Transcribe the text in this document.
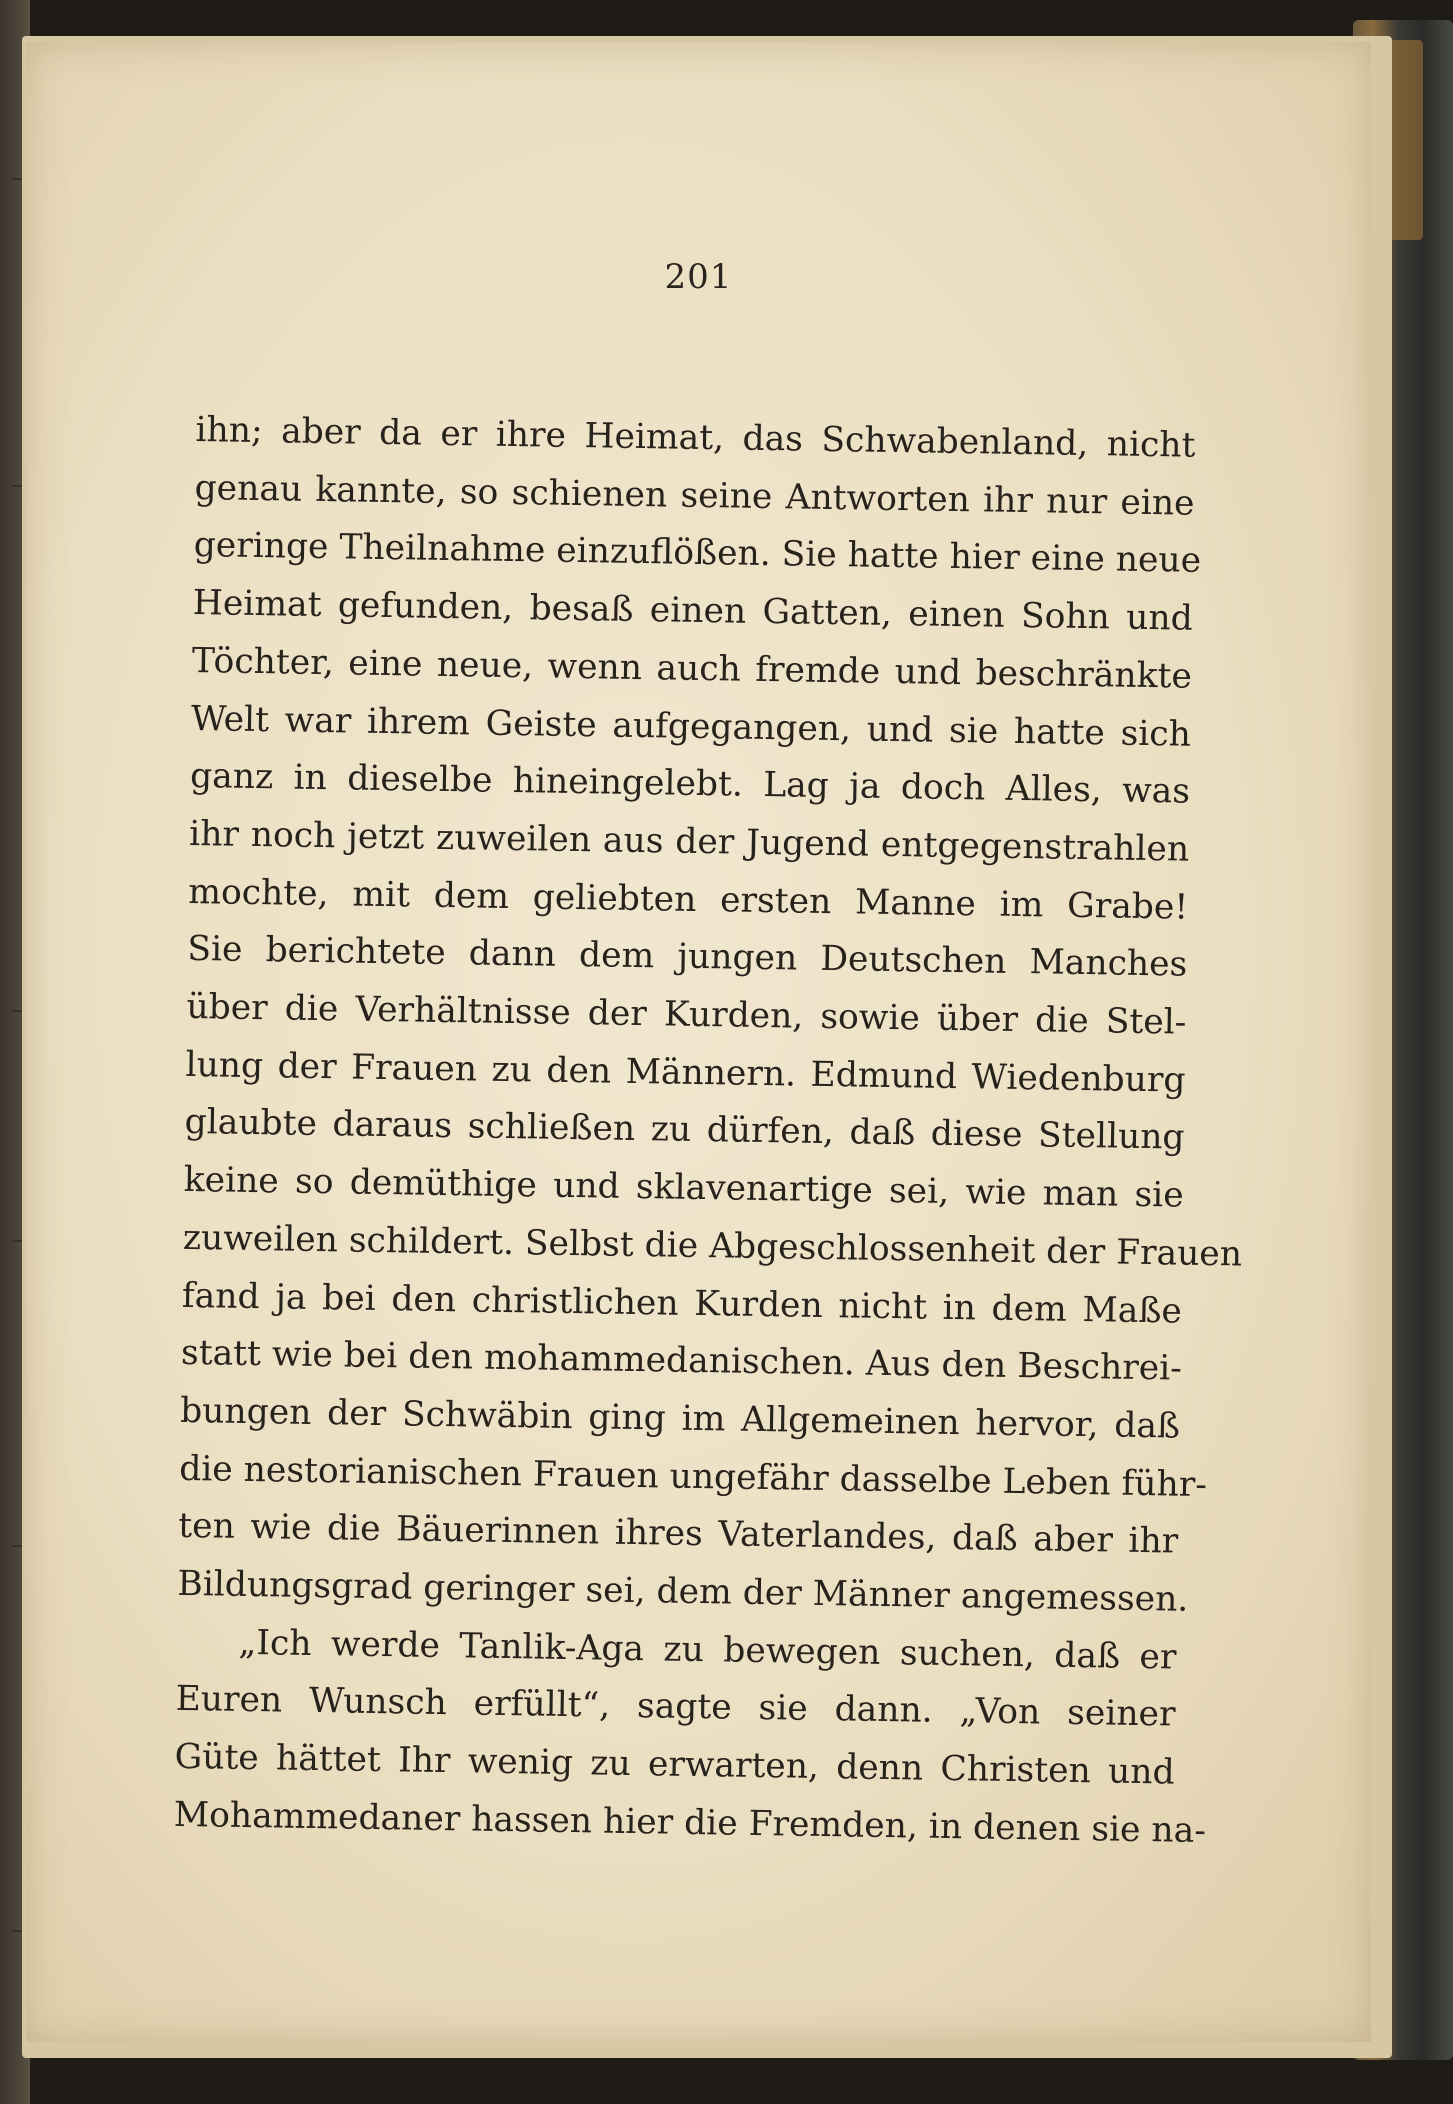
201
ihn; aber da er ihre Heimat, das Schwabenland, nicht
genau kannte, so schienen seine Antworten ihr nur eine
geringe Theilnahme einzuflößen. Sie hatte hier eine neue
Heimat gefunden, besaß einen Gatten, einen Sohn und
Töchter, eine neue, wenn auch fremde und beschränkte
Welt war ihrem Geiste aufgegangen, und sie hatte sich
ganz in dieselbe hineingelebt. Lag ja doch Alles, was
ihr noch jetzt zuweilen aus der Jugend entgegenstrahlen
mochte, mit dem geliebten ersten Manne im Grabe!
Sie berichtete dann dem jungen Deutschen Manches
über die Verhältnisse der Kurden, sowie über die Stel-
lung der Frauen zu den Männern. Edmund Wiedenburg
glaubte daraus schließen zu dürfen, daß diese Stellung
keine so demüthige und sklavenartige sei, wie man sie
zuweilen schildert. Selbst die Abgeschlossenheit der Frauen
fand ja bei den christlichen Kurden nicht in dem Maße
statt wie bei den mohammedanischen. Aus den Beschrei-
bungen der Schwäbin ging im Allgemeinen hervor, daß
die nestorianischen Frauen ungefähr dasselbe Leben führ-
ten wie die Bäuerinnen ihres Vaterlandes, daß aber ihr
Bildungsgrad geringer sei, dem der Männer angemessen.
„Ich werde Tanlik-Aga zu bewegen suchen, daß er
Euren Wunsch erfüllt“, sagte sie dann. „Von seiner
Güte hättet Ihr wenig zu erwarten, denn Christen und
Mohammedaner hassen hier die Fremden, in denen sie na-
